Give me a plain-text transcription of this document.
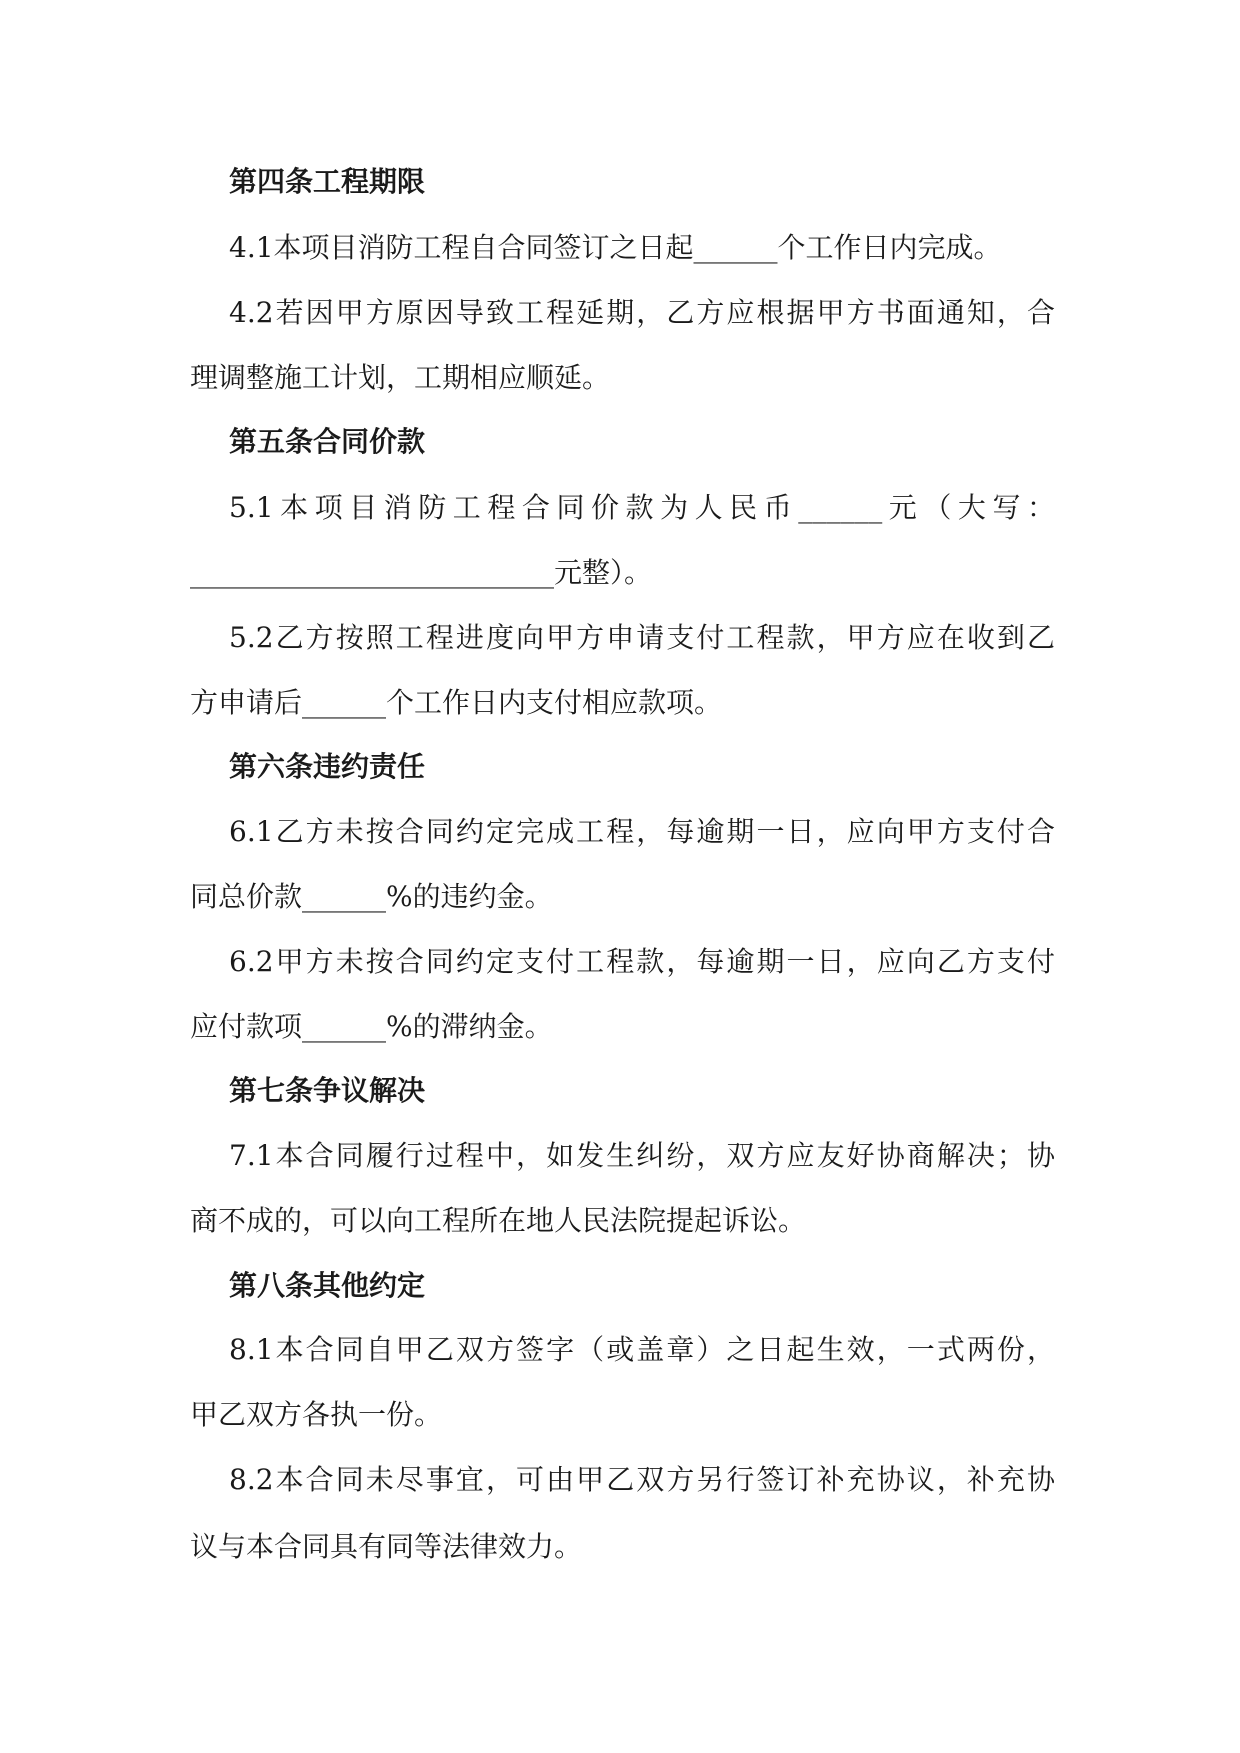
第四条工程期限
4.1本项目消防工程自合同签订之日起______个工作日内完成。
4.2若因甲方原因导致工程延期，乙方应根据甲方书面通知，合
理调整施工计划，工期相应顺延。
第五条合同价款
5.1本项目消防工程合同价款为人民币______元（大写：
__________________________元整）。
5.2乙方按照工程进度向甲方申请支付工程款，甲方应在收到乙
方申请后______个工作日内支付相应款项。
第六条违约责任
6.1乙方未按合同约定完成工程，每逾期一日，应向甲方支付合
同总价款______%的违约金。
6.2甲方未按合同约定支付工程款，每逾期一日，应向乙方支付
应付款项______%的滞纳金。
第七条争议解决
7.1本合同履行过程中，如发生纠纷，双方应友好协商解决；协
商不成的，可以向工程所在地人民法院提起诉讼。
第八条其他约定
8.1本合同自甲乙双方签字（或盖章）之日起生效，一式两份，
甲乙双方各执一份。
8.2本合同未尽事宜，可由甲乙双方另行签订补充协议，补充协
议与本合同具有同等法律效力。
